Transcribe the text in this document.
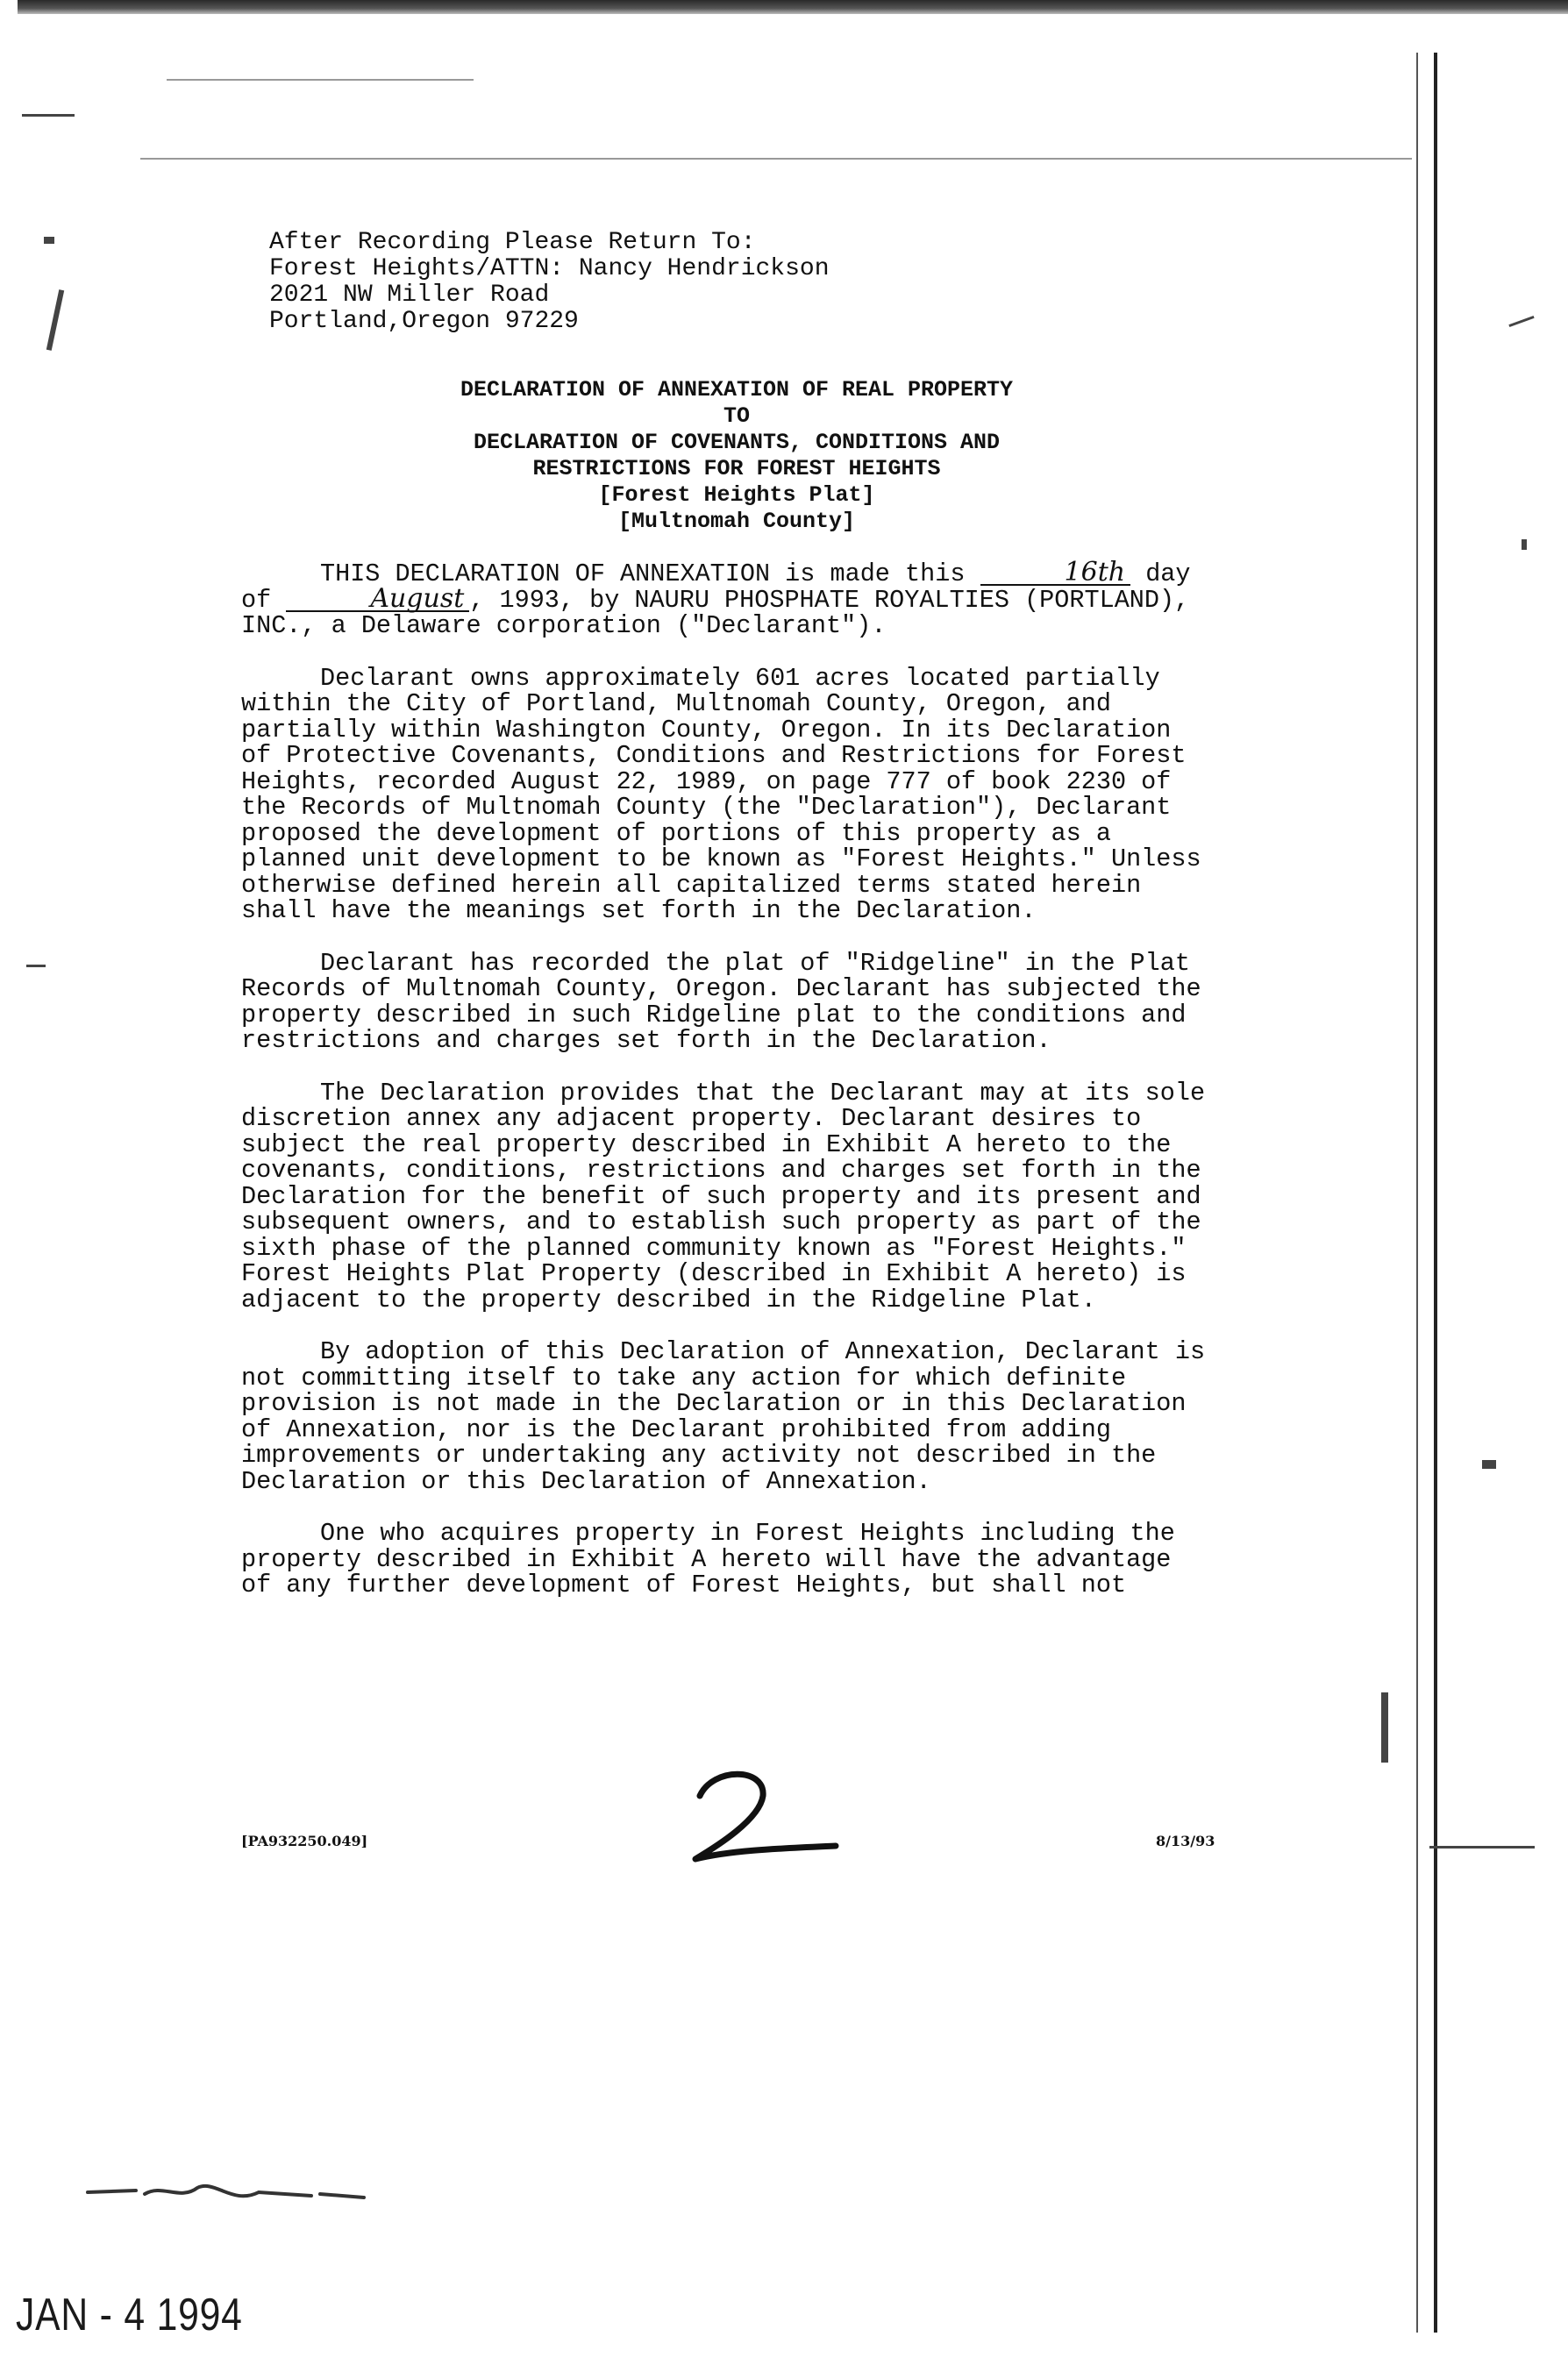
After Recording Please Return To:
Forest Heights/ATTN: Nancy Hendrickson
2021 NW Miller Road
Portland,Oregon 97229
DECLARATION OF ANNEXATION OF REAL PROPERTY
TO
DECLARATION OF COVENANTS, CONDITIONS AND
RESTRICTIONS FOR FOREST HEIGHTS
[Forest Heights Plat]
[Multnomah County]

THIS DECLARATION OF ANNEXATION is made this	16th day of	August , 1993, by NAURU PHOSPHATE ROYALTIES (PORTLAND), INC., a Delaware corporation ("Declarant").

Declarant owns approximately 601 acres located partially within the City of Portland, Multnomah County, Oregon, and partially within Washington County, Oregon. In its Declaration of Protective Covenants, Conditions and Restrictions for Forest Heights, recorded August 22, 1989, on page 777 of book 2230 of the Records of Multnomah County (the "Declaration"), Declarant proposed the development of portions of this property as a planned unit development to be known as "Forest Heights." Unless otherwise defined herein all capitalized terms stated herein shall have the meanings set forth in the Declaration.

Declarant has recorded the plat of "Ridgeline" in the Plat Records of Multnomah County, Oregon. Declarant has subjected the property described in such Ridgeline plat to the conditions and restrictions and charges set forth in the Declaration.

The Declaration provides that the Declarant may at its sole discretion annex any adjacent property. Declarant desires to subject the real property described in Exhibit A hereto to the covenants, conditions, restrictions and charges set forth in the Declaration for the benefit of such property and its present and subsequent owners, and to establish such property as part of the sixth phase of the planned community known as "Forest Heights." Forest Heights Plat Property (described in Exhibit A hereto) is adjacent to the property described in the Ridgeline Plat.

By adoption of this Declaration of Annexation, Declarant is not committing itself to take any action for which definite provision is not made in the Declaration or in this Declaration of Annexation, nor is the Declarant prohibited from adding improvements or undertaking any activity not described in the Declaration or this Declaration of Annexation.

One who acquires property in Forest Heights including the property described in Exhibit A hereto will have the advantage of any further development of Forest Heights, but shall not

[PA932250.049]	8/13/93
JAN - 4 1994
